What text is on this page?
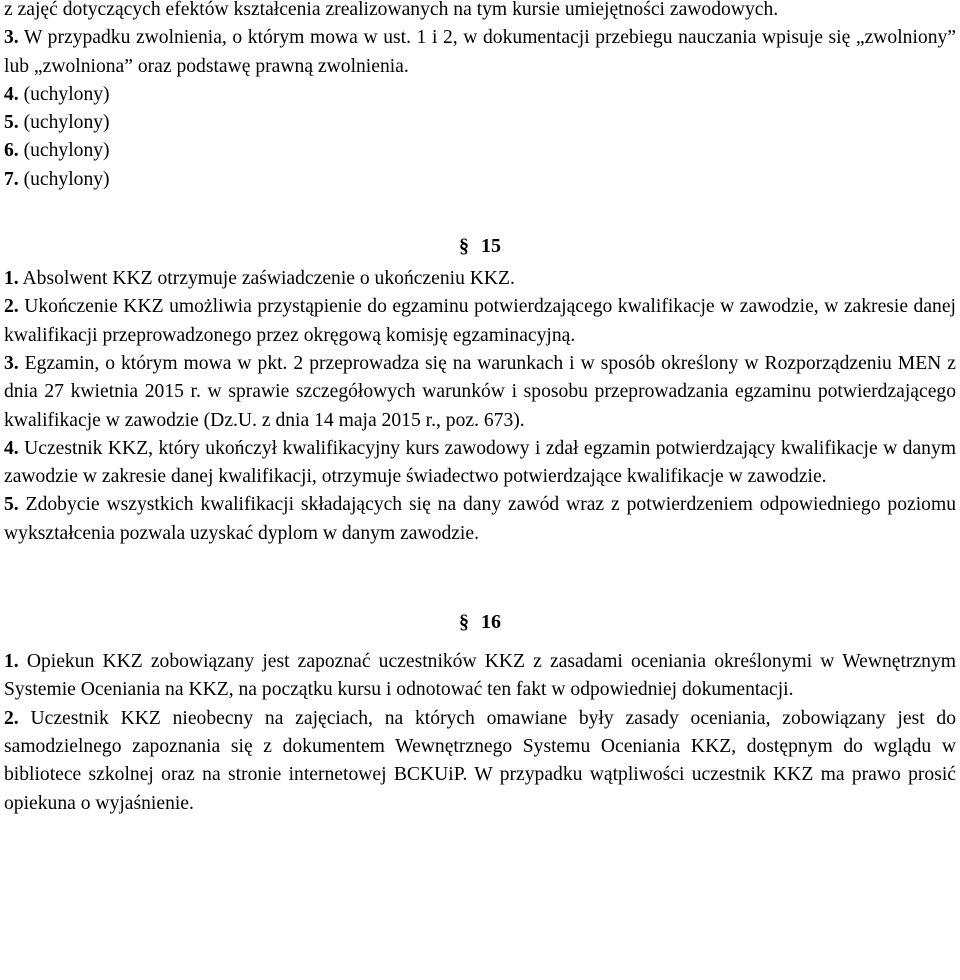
z zajęć dotyczących efektów kształcenia zrealizowanych na tym kursie umiejętności zawodowych.

3. W przypadku zwolnienia, o którym mowa w ust. 1 i 2, w dokumentacji przebiegu nauczania wpisuje się „zwolniony” lub „zwolniona” oraz podstawę prawną zwolnienia.

4. (uchylony)

5. (uchylony)

6. (uchylony)

7. (uchylony)

§ 15

1. Absolwent KKZ otrzymuje zaświadczenie o ukończeniu KKZ.

2. Ukończenie KKZ umożliwia przystąpienie do egzaminu potwierdzającego kwalifikacje w zawodzie, w zakresie danej kwalifikacji przeprowadzonego przez okręgową komisję egzaminacyjną.

3. Egzamin, o którym mowa w pkt. 2 przeprowadza się na warunkach i w sposób określony w Rozporządzeniu MEN z dnia 27 kwietnia 2015 r. w sprawie szczegółowych warunków i sposobu przeprowadzania egzaminu potwierdzającego kwalifikacje w zawodzie (Dz.U. z dnia 14 maja 2015 r., poz. 673).

4. Uczestnik KKZ, który ukończył kwalifikacyjny kurs zawodowy i zdał egzamin potwierdzający kwalifikacje w danym zawodzie w zakresie danej kwalifikacji, otrzymuje świadectwo potwierdzające kwalifikacje w zawodzie.

5. Zdobycie wszystkich kwalifikacji składających się na dany zawód wraz z potwierdzeniem odpowiedniego poziomu wykształcenia pozwala uzyskać dyplom w danym zawodzie.

§ 16

1. Opiekun KKZ zobowiązany jest zapoznać uczestników KKZ z zasadami oceniania określonymi w Wewnętrznym Systemie Oceniania na KKZ, na początku kursu i odnotować ten fakt w odpowiedniej dokumentacji.

2. Uczestnik KKZ nieobecny na zajęciach, na których omawiane były zasady oceniania, zobowiązany jest do samodzielnego zapoznania się z dokumentem Wewnętrznego Systemu Oceniania KKZ, dostępnym do wglądu w bibliotece szkolnej oraz na stronie internetowej BCKUiP. W przypadku wątpliwości uczestnik KKZ ma prawo prosić opiekuna o wyjaśnienie.
